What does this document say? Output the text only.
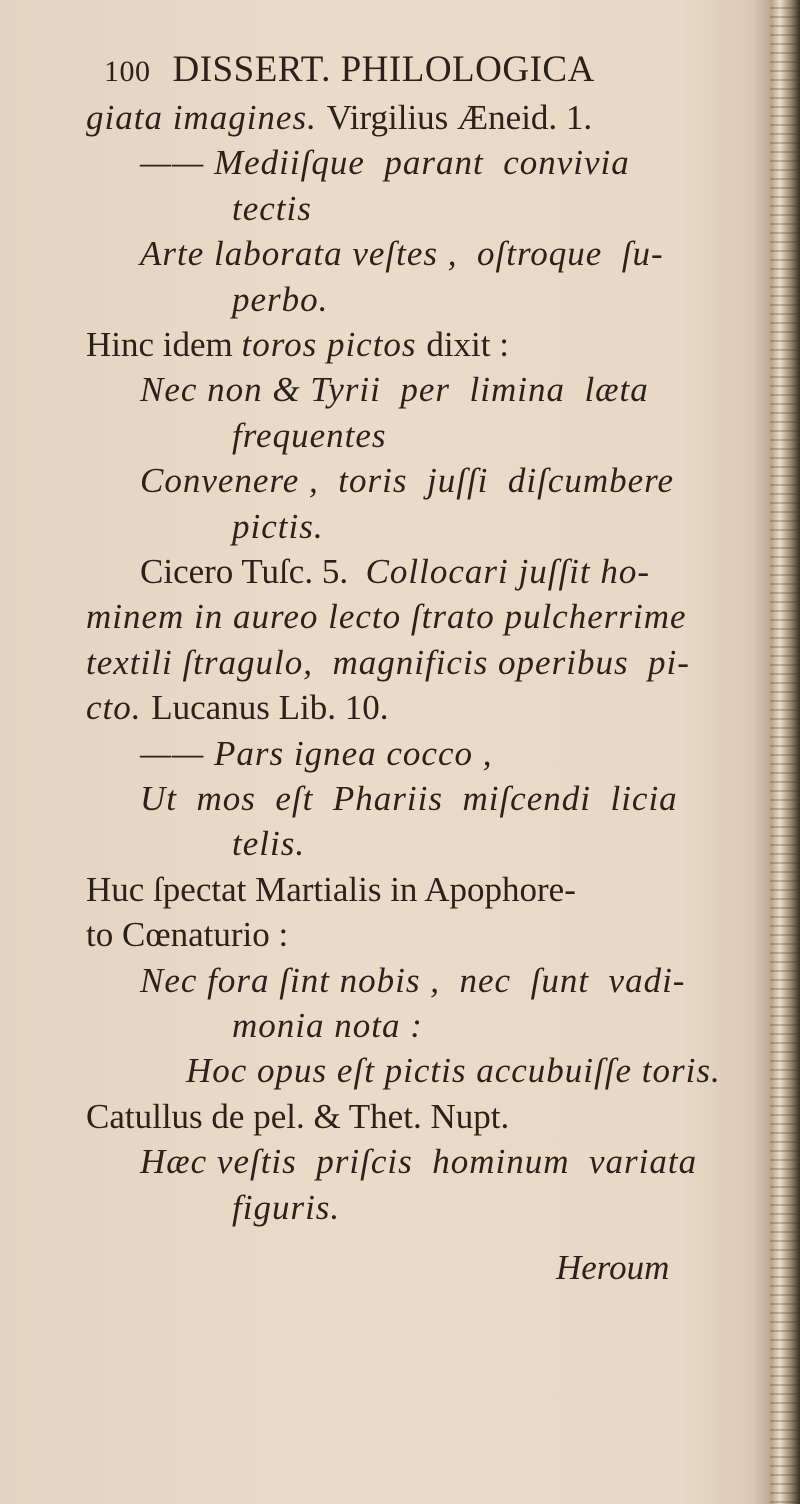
100 DISSERT. PHILOLOGICA
giata imagines. Virgilius Æneid. 1.
—— Mediiſque  parant  convivia
tectis
Arte laborata veſtes ,  oſtroque  ſu-
perbo.
Hinc idem toros pictos dixit :
Nec non & Tyrii  per  limina  læta
frequentes
Convenere ,  toris  juſſi  diſcumbere
pictis.
Cicero Tuſc. 5.  Collocari juſſit ho-
minem in aureo lecto ſtrato pulcherrime
textili ſtragulo,  magnificis operibus  pi-
cto. Lucanus Lib. 10.
—— Pars ignea cocco ,
Ut  mos  eſt  Phariis  miſcendi  licia
telis.
Huc ſpectat Martialis in Apophore-
to Cœnaturio :
Nec fora ſint nobis ,  nec  ſunt  vadi-
monia nota :
Hoc opus eſt pictis accubuiſſe toris.
Catullus de pel. & Thet. Nupt.
Hæc veſtis  priſcis  hominum  variata
figuris.
Heroum
